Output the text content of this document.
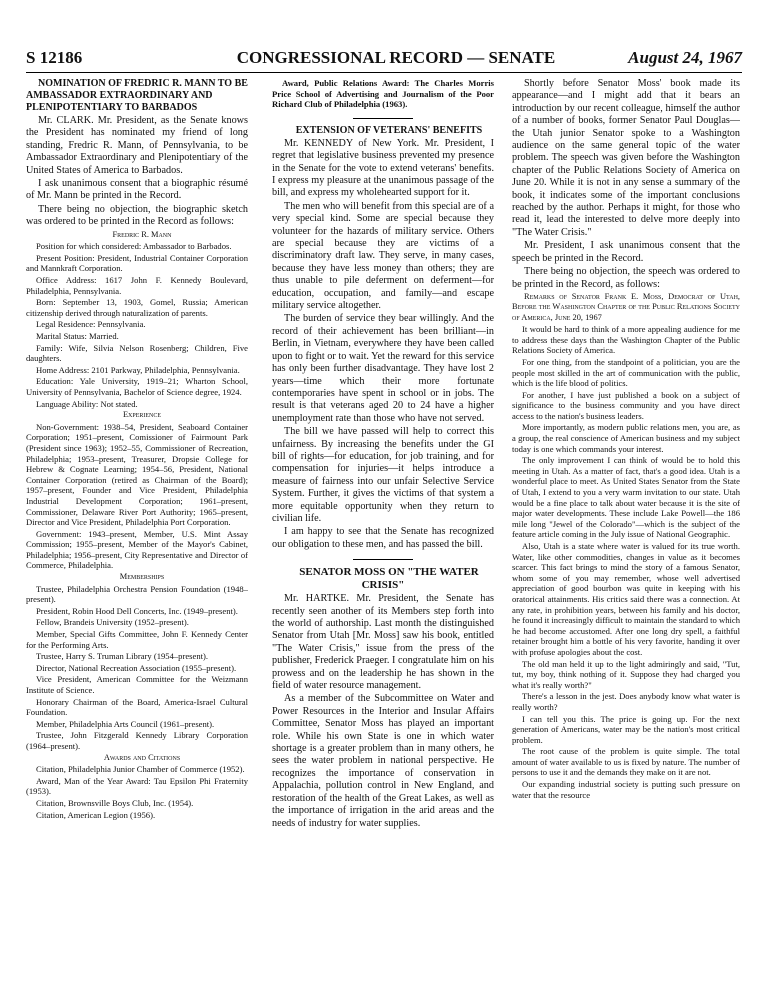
S 12186	CONGRESSIONAL RECORD — SENATE	August 24, 1967

NOMINATION OF FREDRIC R. MANN TO BE AMBASSADOR EXTRAORDINARY AND PLENIPOTENTIARY TO BARBADOS

Mr. CLARK. Mr. President, as the Senate knows the President has nominated my friend of long standing, Fredric R. Mann, of Pennsylvania, to be Ambassador Extraordinary and Plenipotentiary of the United States of America to Barbados.

I ask unanimous consent that a biographic résumé of Mr. Mann be printed in the Record.

There being no objection, the biographic sketch was ordered to be printed in the Record as follows:

Fredric R. Mann

Position for which considered: Ambassador to Barbados.

Present Position: President, Industrial Container Corporation and Mannkraft Corporation.

Office Address: 1617 John F. Kennedy Boulevard, Philadelphia, Pennsylvania.

Born: September 13, 1903, Gomel, Russia; American citizenship derived through naturalization of parents.

Legal Residence: Pennsylvania.

Marital Status: Married.

Family: Wife, Silvia Nelson Rosenberg; Children, Five daughters.

Home Address: 2101 Parkway, Philadelphia, Pennsylvania.

Education: Yale University, 1919–21; Wharton School, University of Pennsylvania, Bachelor of Science degree, 1924.

Language Ability: Not stated.

Experience

Non-Government: 1938–54, President, Seaboard Container Corporation; 1951–present, Comissioner of Fairmount Park (President since 1963); 1952–55, Commissioner of Recreation, Philadelphia; 1953–present, Treasurer, Dropsie College for Hebrew & Cognate Learning; 1954–56, President, National Container Corporation (retired as Chairman of the Board); 1957–present, Founder and Vice President, Philadelphia Industrial Development Corporation; 1961–present, Commissioner, Delaware River Port Authority; 1965–present, Director and Vice President, Philadelphia Port Corporation.

Government: 1943–present, Member, U.S. Mint Assay Commission; 1955–present, Member of the Mayor's Cabinet, Philadelphia; 1956–present, City Representative and Director of Commerce, Philadelphia.

Memberships

Trustee, Philadelphia Orchestra Pension Foundation (1948–present).

President, Robin Hood Dell Concerts, Inc. (1949–present).

Fellow, Brandeis University (1952–present).

Member, Special Gifts Committee, John F. Kennedy Center for the Performing Arts.

Trustee, Harry S. Truman Library (1954–present).

Director, National Recreation Association (1955–present).

Vice President, American Committee for the Weizmann Institute of Science.

Honorary Chairman of the Board, America-Israel Cultural Foundation.

Member, Philadelphia Arts Council (1961–present).

Trustee, John Fitzgerald Kennedy Library Corporation (1964–present).

Awards and Citations

Citation, Philadelphia Junior Chamber of Commerce (1952).

Award, Man of the Year Award: Tau Epsilon Phi Fraternity (1953).

Citation, Brownsville Boys Club, Inc. (1954).

Citation, American Legion (1956).

Award, Public Relations Award: The Charles Morris Price School of Advertising and Journalism of the Poor Richard Club of Philadelphia (1963).

EXTENSION OF VETERANS' BENEFITS

Mr. KENNEDY of New York. Mr. President, I regret that legislative business prevented my presence in the Senate for the vote to extend veterans' benefits. I express my pleasure at the unanimous passage of the bill, and express my wholehearted support for it.

The men who will benefit from this special are of a very special kind. Some are special because they volunteer for the hazards of military service. Others are special because they are victims of a discriminatory draft law. They serve, in many cases, because they have less money than others; they are thus unable to pile deferment on deferment—for education, occupation, and family—and escape military service altogether.

The burden of service they bear willingly. And the record of their achievement has been brilliant—in Berlin, in Vietnam, everywhere they have been called upon to fight or to wait. Yet the reward for this service has only been further disadvantage. They have lost 2 years—time which their more fortunate contemporaries have spent in school or in jobs. The result is that veterans aged 20 to 24 have a higher unemployment rate than those who have not served.

The bill we have passed will help to correct this unfairness. By increasing the benefits under the GI bill of rights—for education, for job training, and for compensation for injuries—it helps introduce a measure of fairness into our unfair Selective Service System. Further, it gives the victims of that system a more equitable opportunity when they return to civilian life.

I am happy to see that the Senate has recognized our obligation to these men, and has passed the bill.

SENATOR MOSS ON "THE WATER CRISIS"

Mr. HARTKE. Mr. President, the Senate has recently seen another of its Members step forth into the world of authorship. Last month the distinguished Senator from Utah [Mr. Moss] saw his book, entitled "The Water Crisis," issue from the press of the publisher, Frederick Praeger. I congratulate him on his prowess and on the leadership he has shown in the field of water resource management.

As a member of the Subcommittee on Water and Power Resources in the Interior and Insular Affairs Committee, Senator Moss has played an important role. While his own State is one in which water shortage is a greater problem than in many others, he sees the water problem in national perspective. He recognizes the importance of conservation in Appalachia, pollution control in New England, and restoration of the health of the Great Lakes, as well as the importance of irrigation in the arid areas and the needs of industry for water supplies.

Shortly before Senator Moss' book made its appearance—and I might add that it bears an introduction by our recent colleague, himself the author of a number of books, former Senator Paul Douglas—the Utah junior Senator spoke to a Washington audience on the same general topic of the water problem. The speech was given before the Washington chapter of the Public Relations Society of America on June 20. While it is not in any sense a summary of the book, it indicates some of the important conclusions reached by the author. Perhaps it might, for those who read it, lead the interested to delve more deeply into "The Water Crisis."

Mr. President, I ask unanimous consent that the speech be printed in the Record.

There being no objection, the speech was ordered to be printed in the Record, as follows:

Remarks of Senator Frank E. Moss, Democrat of Utah, Before the Washington Chapter of the Public Relations Society of America, June 20, 1967

It would be hard to think of a more appealing audience for me to address these days than the Washington Chapter of the Public Relations Society of America.

For one thing, from the standpoint of a politician, you are the people most skilled in the art of communication with the public, which is the life blood of politics.

For another, I have just published a book on a subject of significance to the business community and you have direct access to the nation's business leaders.

More importantly, as modern public relations men, you are, as a group, the real conscience of American business and my subject today is one which commands your interest.

The only improvement I can think of would be to hold this meeting in Utah. As a matter of fact, that's a good idea. Utah is a wonderful place to meet. As United States Senator from the State of Utah, I extend to you a very warm invitation to our state. Utah would be a fine place to talk about water because it is the site of major water developments. These include Lake Powell—the 186 mile long "Jewel of the Colorado"—which is the subject of the feature article coming in the July issue of National Geographic.

Also, Utah is a state where water is valued for its true worth. Water, like other commodities, changes in value as it becomes scarcer. This fact brings to mind the story of a famous Senator, whom some of you may remember, whose well advertised appreciation of good bourbon was quite in keeping with his oratorical attainments. His critics said there was a connection. At any rate, in prohibition years, between his family and his doctor, he found it increasingly difficult to maintain the standard to which he had become accustomed. After one long dry spell, a faithful retainer brought him a bottle of his very favorite, handing it over with profuse apologies about the cost.

The old man held it up to the light admiringly and said, "Tut, tut, my boy, think nothing of it. Suppose they had charged you what it's really worth?"

There's a lesson in the jest. Does anybody know what water is really worth?

I can tell you this. The price is going up. For the next generation of Americans, water may be the nation's most critical problem.

The root cause of the problem is quite simple. The total amount of water available to us is fixed by nature. The number of persons to use it and the demands they make on it are not.

Our expanding industrial society is putting such pressure on water that the resource
